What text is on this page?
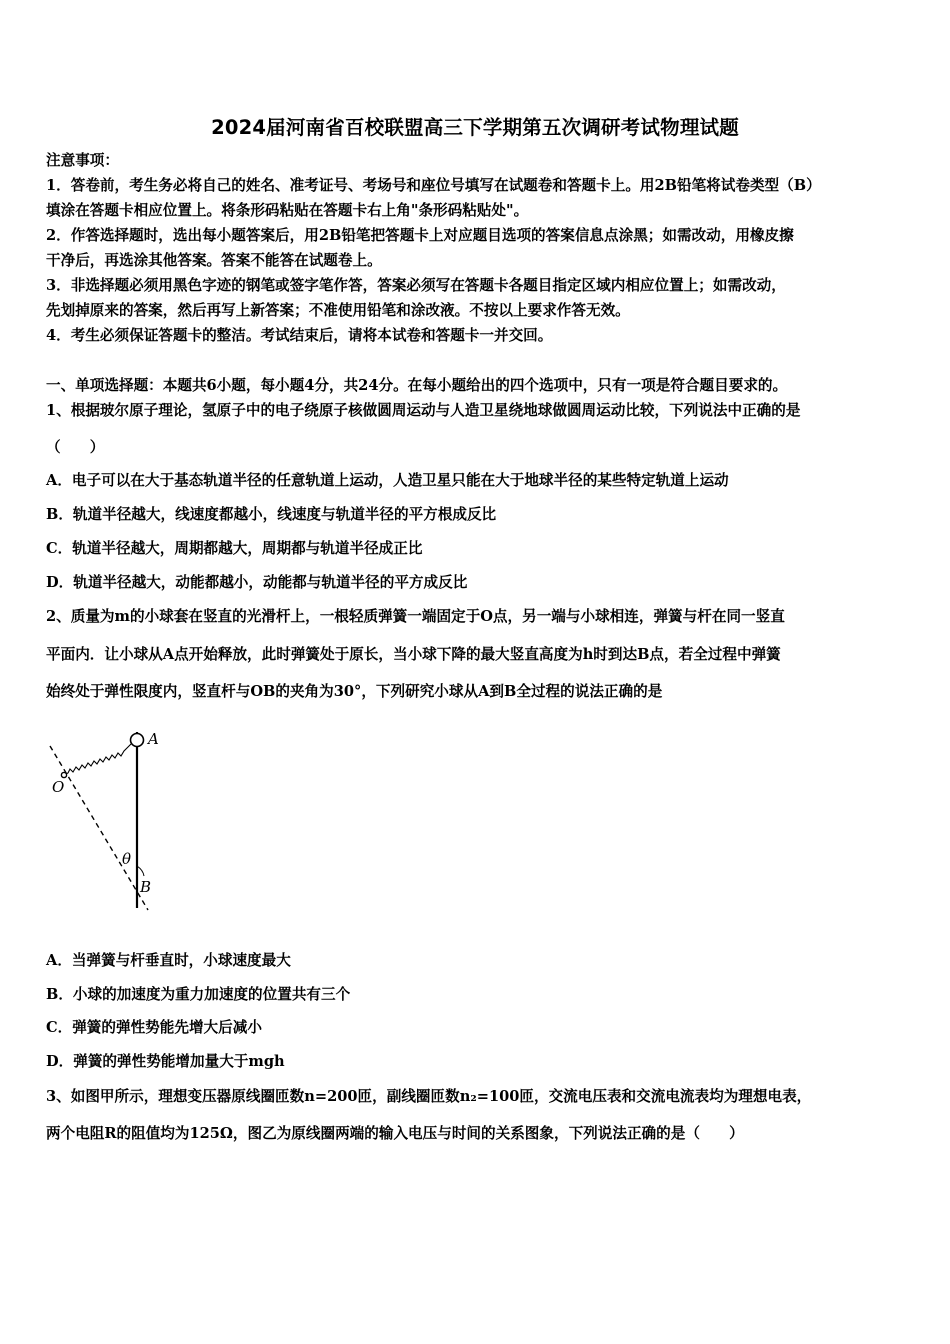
2024届河南省百校联盟高三下学期第五次调研考试物理试题
注意事项：
1．答卷前，考生务必将自己的姓名、准考证号、考场号和座位号填写在试题卷和答题卡上。用2B铅笔将试卷类型（B）
填涂在答题卡相应位置上。将条形码粘贴在答题卡右上角"条形码粘贴处"。
2．作答选择题时，选出每小题答案后，用2B铅笔把答题卡上对应题目选项的答案信息点涂黑；如需改动，用橡皮擦
干净后，再选涂其他答案。答案不能答在试题卷上。
3．非选择题必须用黑色字迹的钢笔或签字笔作答，答案必须写在答题卡各题目指定区域内相应位置上；如需改动，
先划掉原来的答案，然后再写上新答案；不准使用铅笔和涂改液。不按以上要求作答无效。
4．考生必须保证答题卡的整洁。考试结束后，请将本试卷和答题卡一并交回。
一、单项选择题：本题共6小题，每小题4分，共24分。在每小题给出的四个选项中，只有一项是符合题目要求的。
1、根据玻尔原子理论，氢原子中的电子绕原子核做圆周运动与人造卫星绕地球做圆周运动比较，下列说法中正确的是
（　　）
A．电子可以在大于基态轨道半径的任意轨道上运动，人造卫星只能在大于地球半径的某些特定轨道上运动
B．轨道半径越大，线速度都越小，线速度与轨道半径的平方根成反比
C．轨道半径越大，周期都越大，周期都与轨道半径成正比
D．轨道半径越大，动能都越小，动能都与轨道半径的平方成反比
2、质量为m的小球套在竖直的光滑杆上，一根轻质弹簧一端固定于O点，另一端与小球相连，弹簧与杆在同一竖直
平面内．让小球从A点开始释放，此时弹簧处于原长，当小球下降的最大竖直高度为h时到达B点，若全过程中弹簧
始终处于弹性限度内，竖直杆与OB的夹角为30°，下列研究小球从A到B全过程的说法正确的是
A
O
θ
B
A．当弹簧与杆垂直时，小球速度最大
B．小球的加速度为重力加速度的位置共有三个
C．弹簧的弹性势能先增大后减小
D．弹簧的弹性势能增加量大于mgh
3、如图甲所示，理想变压器原线圈匝数n=200匝，副线圈匝数n₂=100匝，交流电压表和交流电流表均为理想电表，
两个电阻R的阻值均为125Ω，图乙为原线圈两端的输入电压与时间的关系图象，下列说法正确的是（　　）
